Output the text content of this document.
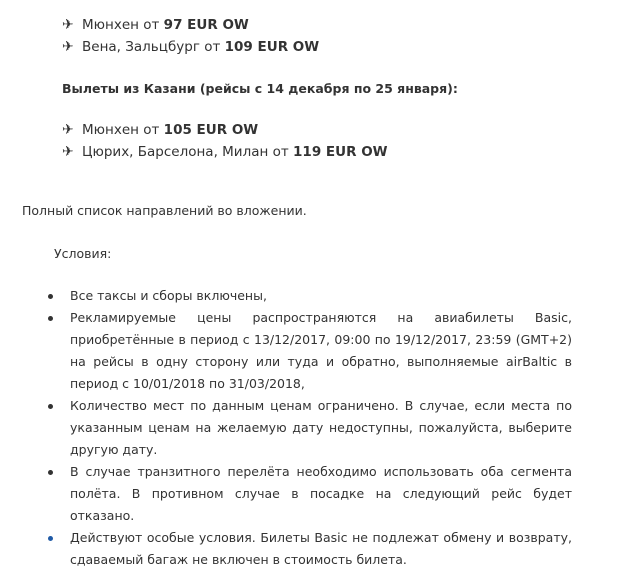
✈ Мюнхен от 97 EUR OW
✈ Вена, Зальцбург от 109 EUR OW
Вылеты из Казани (рейсы с 14 декабря по 25 января):
✈ Мюнхен от 105 EUR OW
✈ Цюрих, Барселона, Милан от 119 EUR OW
Полный список направлений во вложении.
Условия:
Все таксы и сборы включены,
Рекламируемые цены распространяются на авиабилеты Basic, приобретённые в период с 13/12/2017, 09:00 по 19/12/2017, 23:59 (GMT+2) на рейсы в одну сторону или туда и обратно, выполняемые airBaltic в период с 10/01/2018 по 31/03/2018,
Количество мест по данным ценам ограничено. В случае, если места по указанным ценам на желаемую дату недоступны, пожалуйста, выберите другую дату.
В случае транзитного перелёта необходимо использовать оба сегмента полёта. В противном случае в посадке на следующий рейс будет отказано.
Действуют особые условия. Билеты Basic не подлежат обмену и возврату, сдаваемый багаж не включен в стоимость билета.
